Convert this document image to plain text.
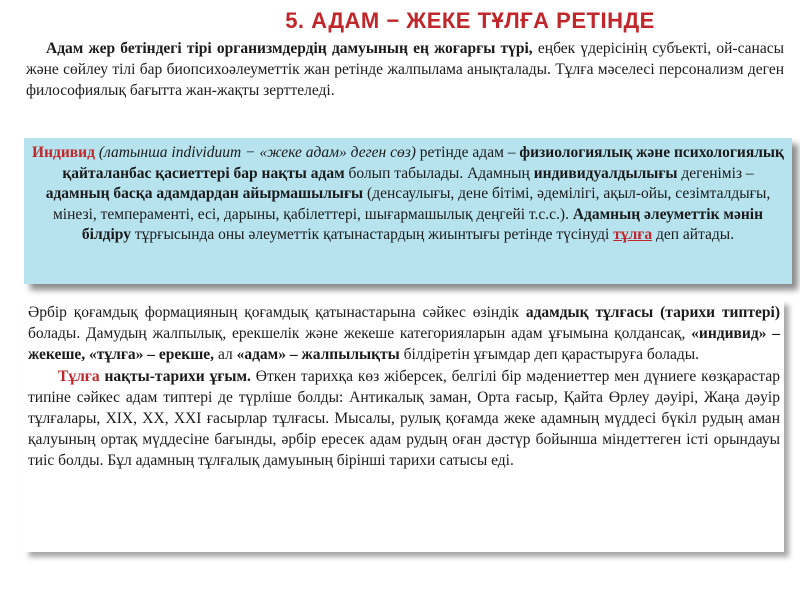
5. АДАМ − ЖЕКЕ ТҰЛҒА РЕТІНДЕ

Адам жер бетіндегі тірі организмдердің дамуының ең жоғарғы түрі, еңбек үдерісінің субъекті, ой-санасы және сөйлеу тілі бар биопсихоәлеуметтік жан ретінде жалпылама анықталады. Тұлға мәселесі персонализм деген философиялық бағытта жан-жақты зерттеледі.

Индивид (латынша individuum − «жеке адам» деген сөз) ретінде адам – физиологиялық және психологиялық қайталанбас қасиеттері бар нақты адам болып табылады. Адамның индивидуалдылығы дегеніміз – адамның басқа адамдардан айырмашылығы (денсаулығы, дене бітімі, әдемілігі, ақыл-ойы, сезімталдығы, мінезі, темпераменті, есі, дарыны, қабілеттері, шығармашылық деңгейі т.с.с.). Адамның әлеуметтік мәнін білдіру тұрғысында оны әлеуметтік қатынастардың жиынтығы ретінде түсінуді тұлға деп айтады.

Әрбір қоғамдық формацияның қоғамдық қатынастарына сәйкес өзіндік адамдық тұлғасы (тарихи типтері) болады. Дамудың жалпылық, ерекшелік және жекеше категорияларын адам ұғымына қолдансақ, «индивид» – жекеше, «тұлға» – ерекше, ал «адам» – жалпылықты білдіретін ұғымдар деп қарастыруға болады.

Тұлға нақты-тарихи ұғым. Өткен тарихқа көз жіберсек, белгілі бір мәдениеттер мен дүниеге көзқарастар типіне сәйкес адам типтері де түрліше болды: Антикалық заман, Орта ғасыр, Қайта Өрлеу дәуірі, Жаңа дәуір тұлғалары, XIX, XX, XXI ғасырлар тұлғасы. Мысалы, рулық қоғамда жеке адамның мүддесі бүкіл рудың аман қалуының ортақ мүддесіне бағынды, әрбір ересек адам рудың оған дәстүр бойынша міндеттеген істі орындауы тиіс болды. Бұл адамның тұлғалық дамуының бірінші тарихи сатысы еді.
